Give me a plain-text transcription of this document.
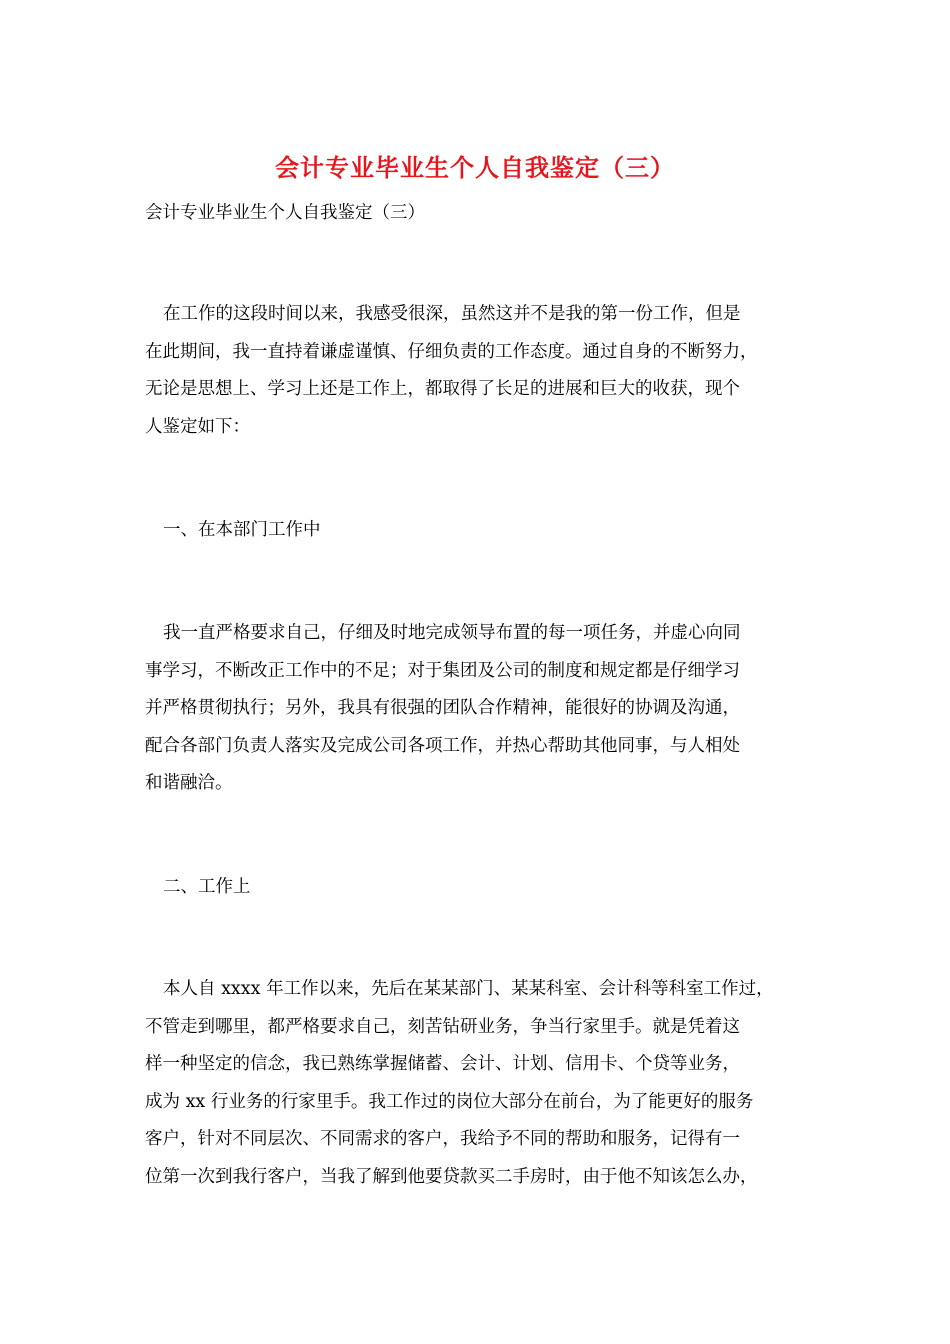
会计专业毕业生个人自我鉴定（三）

会计专业毕业生个人自我鉴定（三）

在工作的这段时间以来，我感受很深，虽然这并不是我的第一份工作，但是
在此期间，我一直持着谦虚谨慎、仔细负责的工作态度。通过自身的不断努力，
无论是思想上、学习上还是工作上，都取得了长足的进展和巨大的收获，现个
人鉴定如下：

一、在本部门工作中

我一直严格要求自己，仔细及时地完成领导布置的每一项任务，并虚心向同
事学习，不断改正工作中的不足；对于集团及公司的制度和规定都是仔细学习
并严格贯彻执行；另外，我具有很强的团队合作精神，能很好的协调及沟通，
配合各部门负责人落实及完成公司各项工作，并热心帮助其他同事，与人相处
和谐融洽。

二、工作上

本人自 xxxx 年工作以来，先后在某某部门、某某科室、会计科等科室工作过，
不管走到哪里，都严格要求自己，刻苦钻研业务，争当行家里手。就是凭着这
样一种坚定的信念，我已熟练掌握储蓄、会计、计划、信用卡、个贷等业务，
成为 xx 行业务的行家里手。我工作过的岗位大部分在前台，为了能更好的服务
客户，针对不同层次、不同需求的客户，我给予不同的帮助和服务，记得有一
位第一次到我行客户，当我了解到他要贷款买二手房时，由于他不知该怎么办，
